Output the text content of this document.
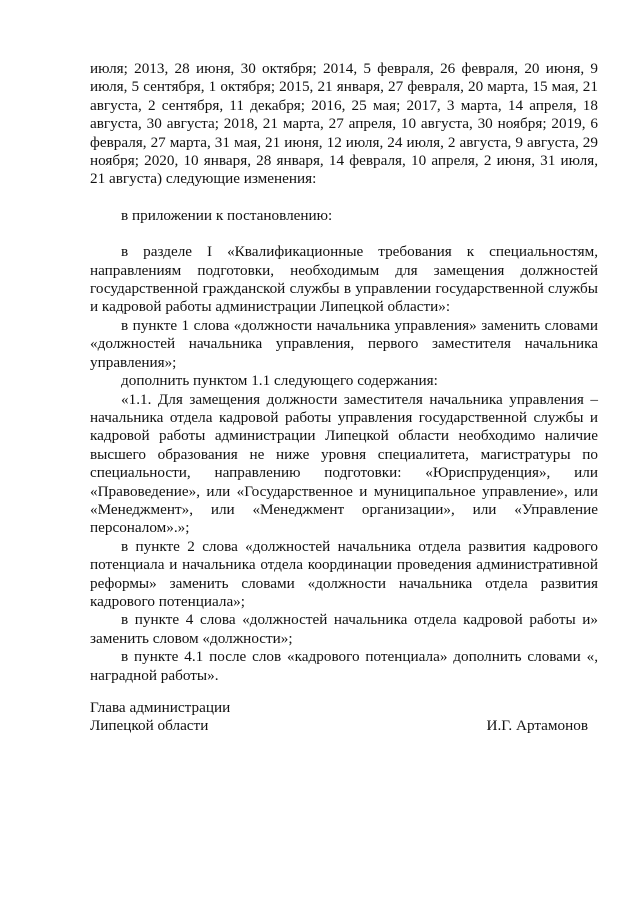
июля; 2013, 28 июня, 30 октября; 2014, 5 февраля, 26 февраля, 20 июня, 9 июля, 5 сентября, 1 октября; 2015, 21 января, 27 февраля, 20 марта, 15 мая, 21 августа, 2 сентября, 11 декабря; 2016, 25 мая; 2017, 3 марта, 14 апреля, 18 августа, 30 августа; 2018, 21 марта, 27 апреля, 10 августа, 30 ноября; 2019, 6 февраля, 27 марта, 31 мая, 21 июня, 12 июля, 24 июля, 2 августа, 9 августа, 29 ноября; 2020, 10 января, 28 января, 14 февраля, 10 апреля, 2 июня, 31 июля, 21 августа) следующие изменения:

в приложении к постановлению:

в разделе I «Квалификационные требования к специальностям, направлениям подготовки, необходимым для замещения должностей государственной гражданской службы в управлении государственной службы и кадровой работы администрации Липецкой области»:

в пункте 1 слова «должности начальника управления» заменить словами «должностей начальника управления, первого заместителя начальника управления»;

дополнить пунктом 1.1 следующего содержания:

«1.1. Для замещения должности заместителя начальника управления – начальника отдела кадровой работы управления государственной службы и кадровой работы администрации Липецкой области необходимо наличие высшего образования не ниже уровня специалитета, магистратуры по специальности, направлению подготовки: «Юриспруденция», или «Правоведение», или «Государственное и муниципальное управление», или «Менеджмент», или «Менеджмент организации», или «Управление персоналом».»;

в пункте 2 слова «должностей начальника отдела развития кадрового потенциала и начальника отдела координации проведения административной реформы» заменить словами «должности начальника отдела развития кадрового потенциала»;

в пункте 4 слова «должностей начальника отдела кадровой работы и» заменить словом «должности»;

в пункте 4.1 после слов «кадрового потенциала» дополнить словами «, наградной работы».

Глава администрации
Липецкой области	И.Г. Артамонов
